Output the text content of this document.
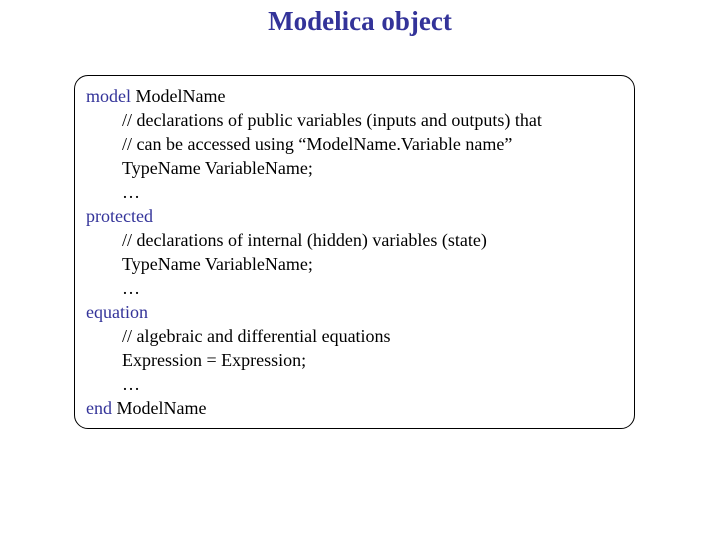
Modelica object
model ModelName
// declarations of public variables (inputs and outputs) that
// can be accessed using “ModelName.Variable name”
TypeName VariableName;
…
protected
// declarations of internal (hidden) variables (state)
TypeName VariableName;
…
equation
// algebraic and differential equations
Expression = Expression;
…
end ModelName
